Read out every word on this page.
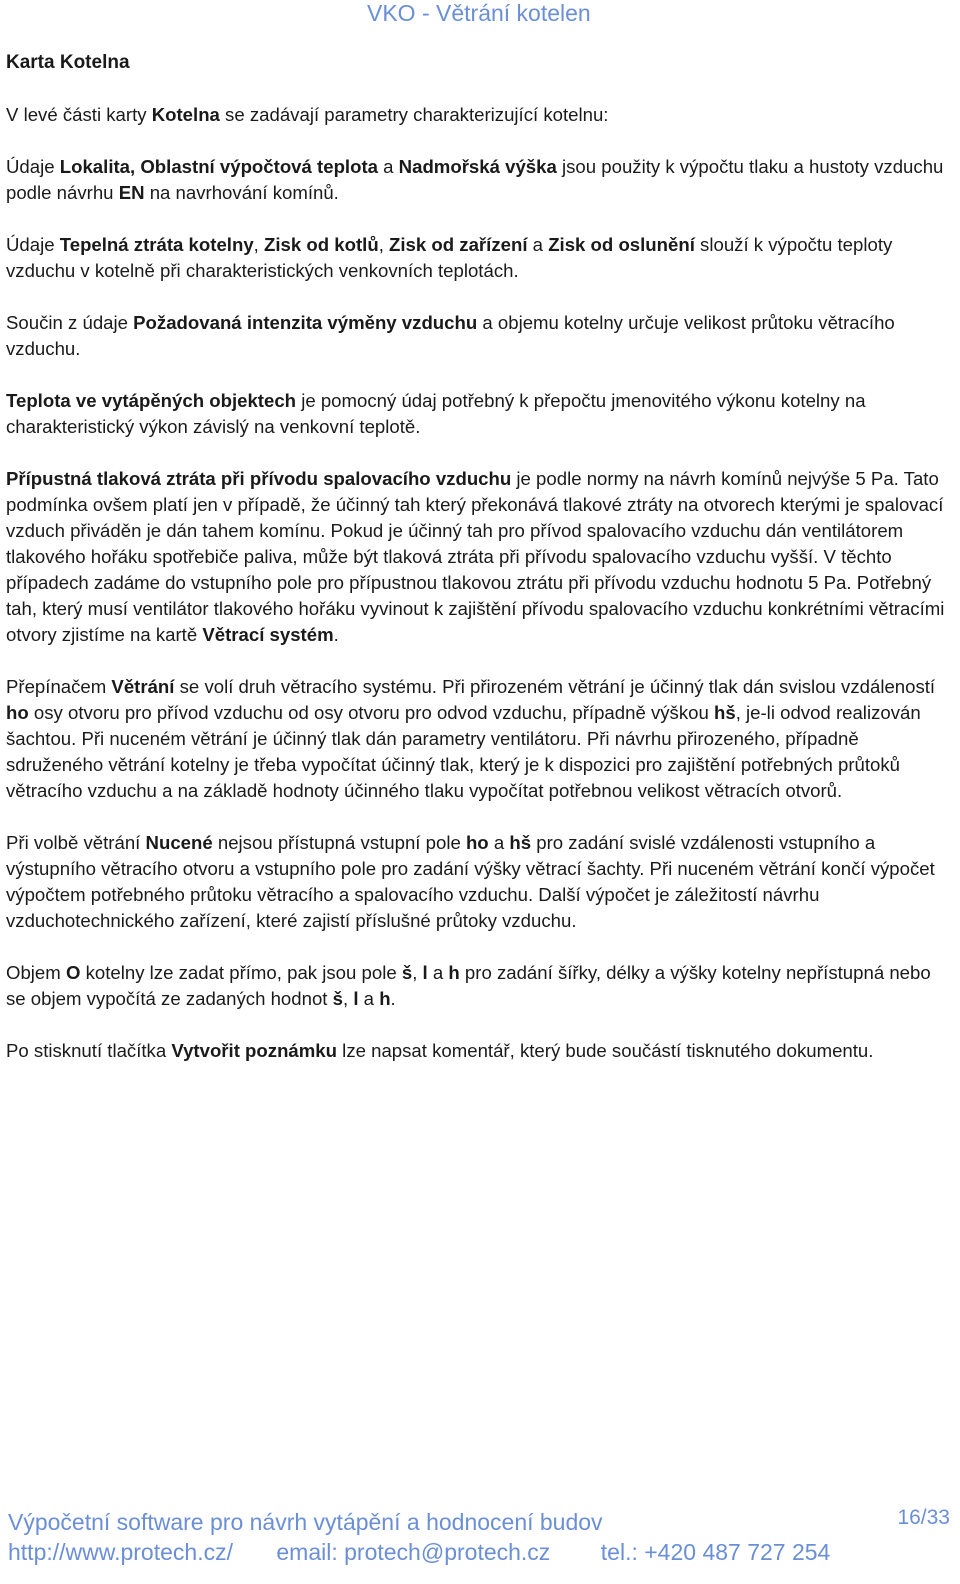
VKO - Větrání kotelen
Karta Kotelna

V levé části karty Kotelna se zadávají parametry charakterizující kotelnu:

Údaje Lokalita, Oblastní výpočtová teplota a Nadmořská výška jsou použity k výpočtu tlaku a hustoty vzduchu podle návrhu EN na navrhování komínů.

Údaje Tepelná ztráta kotelny, Zisk od kotlů, Zisk od zařízení a Zisk od oslunění slouží k výpočtu teploty vzduchu v kotelně při charakteristických venkovních teplotách.

Součin z údaje Požadovaná intenzita výměny vzduchu a objemu kotelny určuje velikost průtoku větracího vzduchu.

Teplota ve vytápěných objektech je pomocný údaj potřebný k přepočtu jmenovitého výkonu kotelny na charakteristický výkon závislý na venkovní teplotě.

Přípustná tlaková ztráta při přívodu spalovacího vzduchu je podle normy na návrh komínů nejvýše 5 Pa. Tato podmínka ovšem platí jen v případě, že účinný tah který překonává tlakové ztráty na otvorech kterými je spalovací vzduch přiváděn je dán tahem komínu. Pokud je účinný tah pro přívod spalovacího vzduchu dán ventilátorem tlakového hořáku spotřebiče paliva, může být tlaková ztráta při přívodu spalovacího vzduchu vyšší. V těchto případech zadáme do vstupního pole pro přípustnou tlakovou ztrátu při přívodu vzduchu hodnotu 5 Pa. Potřebný tah, který musí ventilátor tlakového hořáku vyvinout k zajištění přívodu spalovacího vzduchu konkrétními větracími otvory zjistíme na kartě Větrací systém.

Přepínačem Větrání se volí druh větracího systému. Při přirozeném větrání je účinný tlak dán svislou vzdáleností ho osy otvoru pro přívod vzduchu od osy otvoru pro odvod vzduchu, případně výškou hš, je-li odvod realizován šachtou. Při nuceném větrání je účinný tlak dán parametry ventilátoru. Při návrhu přirozeného, případně sdruženého větrání kotelny je třeba vypočítat účinný tlak, který je k dispozici pro zajištění potřebných průtoků větracího vzduchu a na základě hodnoty účinného tlaku vypočítat potřebnou velikost větracích otvorů.

Při volbě větrání Nucené nejsou přístupná vstupní pole ho a hš pro zadání svislé vzdálenosti vstupního a výstupního větracího otvoru a vstupního pole pro zadání výšky větrací šachty. Při nuceném větrání končí výpočet výpočtem potřebného průtoku větracího a spalovacího vzduchu. Další výpočet je záležitostí návrhu vzduchotechnického zařízení, které zajistí příslušné průtoky vzduchu.

Objem O kotelny lze zadat přímo, pak jsou pole š, l a h pro zadání šířky, délky a výšky kotelny nepřístupná nebo se objem vypočítá ze zadaných hodnot š, l a h.

Po stisknutí tlačítka Vytvořit poznámku lze napsat komentář, který bude součástí tisknutého dokumentu.

Výpočetní software pro návrh vytápění a hodnocení budov	16/33
http://www.protech.cz/ email: protech@protech.cz tel.: +420 487 727 254
